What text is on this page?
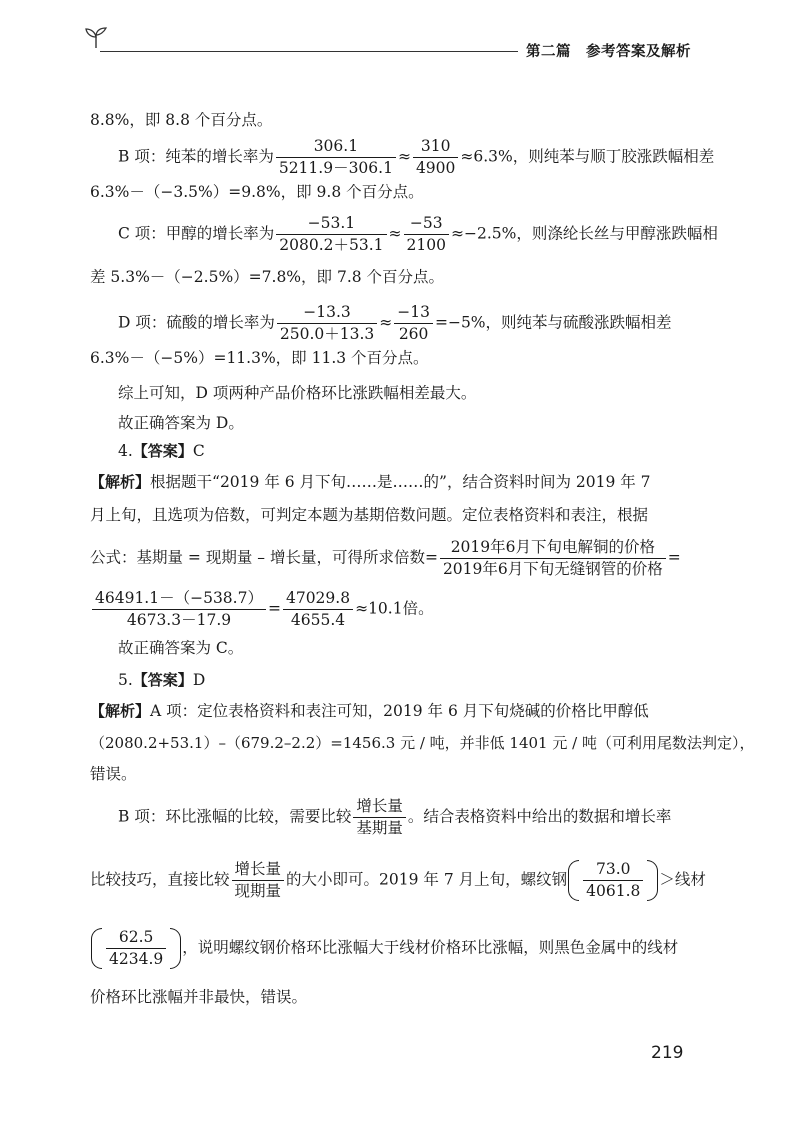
第二篇　参考答案及解析
8.8%，即 8.8 个百分点。
B 项：纯苯的增长率为 $\frac{306.1}{5211.9-306.1} \approx \frac{310}{4900} \approx 6.3\%$，则纯苯与顺丁胶涨跌幅相差
6.3%－（−3.5%）=9.8%，即 9.8 个百分点。
C 项：甲醇的增长率为 $\frac{-53.1}{2080.2+53.1} \approx \frac{-53}{2100} \approx-2.5\%$，则涤纶长丝与甲醇涨跌幅相
差 5.3%－（−2.5%）=7.8%，即 7.8 个百分点。
D 项：硫酸的增长率为 $\frac{-13.3}{250.0+13.3} \approx \frac{-13}{260} =-5\%$，则纯苯与硫酸涨跌幅相差
6.3%－（−5%）=11.3%，即 11.3 个百分点。
综上可知，D 项两种产品价格环比涨跌幅相差最大。
故正确答案为 D。
4.【答案】C
【解析】根据题干“2019 年 6 月下旬……是……的”，结合资料时间为 2019 年 7
月上旬，且选项为倍数，可判定本题为基期倍数问题。定位表格资料和表注，根据
公式：基期量 = 现期量 – 增长量，可得所求倍数= $\frac{\text{2019年6月下旬电解铜的价格}}{\text{2019年6月下旬无缝钢管的价格}}$ =
$\frac{46491.1-(-538.7)}{4673.3-17.9} = \frac{47029.8}{4655.4} \approx 10.1$倍。
故正确答案为 C。
5.【答案】D
【解析】A 项：定位表格资料和表注可知，2019 年 6 月下旬烧碱的价格比甲醇低
（2080.2+53.1）–（679.2–2.2）=1456.3 元 / 吨，并非低 1401 元 / 吨（可利用尾数法判定），
错误。
B 项：环比涨幅的比较，需要比较 $\frac{\text{增长量}}{\text{基期量}}$ 。结合表格资料中给出的数据和增长率
比较技巧，直接比较 $\frac{\text{增长量}}{\text{现期量}}$ 的大小即可。2019 年 7 月上旬，螺纹钢 $\frac{73.0}{4061.8}$ ＞线材
$\frac{62.5}{4234.9}$ ，说明螺纹钢价格环比涨幅大于线材价格环比涨幅，则黑色金属中的线材
价格环比涨幅并非最快，错误。
219
